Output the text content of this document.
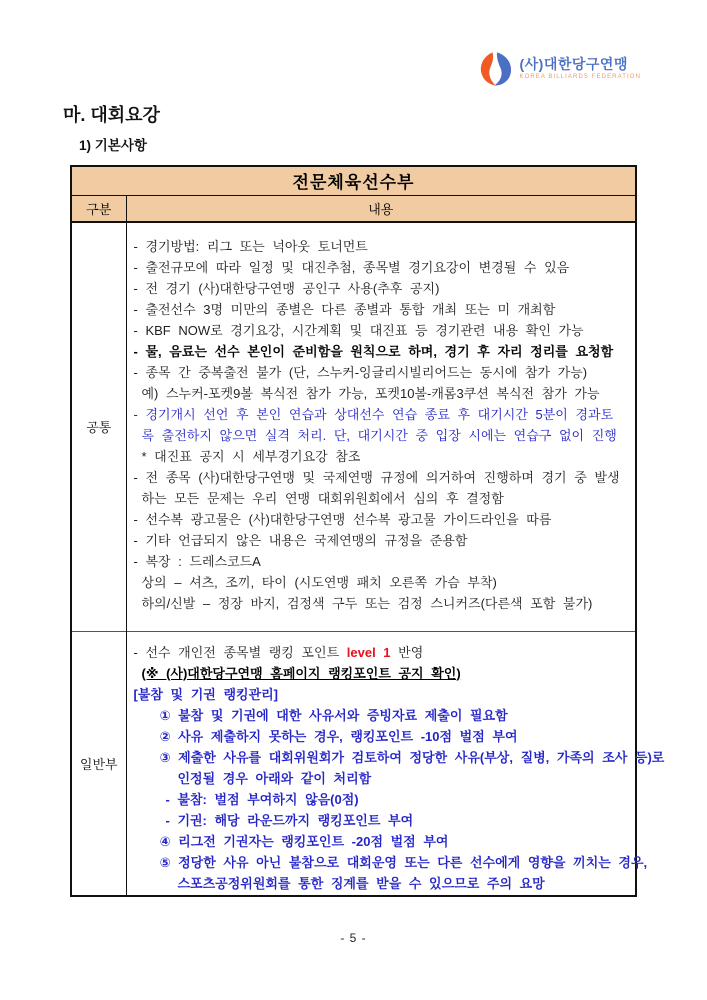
(사)대한당구연맹
KOREA BILLIARDS FEDERATION
마. 대회요강
1) 기본사항
전문체육선수부	
구분	내용
공통	
- 경기방법: 리그 또는 넉아웃 토너먼트
- 출전규모에 따라 일정 및 대진추첨, 종목별 경기요강이 변경될 수 있음
- 전 경기 (사)대한당구연맹 공인구 사용(추후 공지)
- 출전선수 3명 미만의 종별은 다른 종별과 통합 개최 또는 미 개최함
- KBF NOW로 경기요강, 시간계획 및 대진표 등 경기관련 내용 확인 가능
- 물, 음료는 선수 본인이 준비함을 원칙으로 하며, 경기 후 자리 정리를 요청함
- 종목 간 중복출전 불가 (단, 스누커-잉글리시빌리어드는 동시에 참가 가능)
예) 스누커-포켓9볼 복식전 참가 가능, 포켓10볼-캐롬3쿠션 복식전 참가 가능
- 경기개시 선언 후 본인 연습과 상대선수 연습 종료 후 대기시간 5분이 경과토
록 출전하지 않으면 실격 처리. 단, 대기시간 중 입장 시에는 연습구 없이 진행
* 대진표 공지 시 세부경기요강 참조
- 전 종목 (사)대한당구연맹 및 국제연맹 규정에 의거하여 진행하며 경기 중 발생
하는 모든 문제는 우리 연맹 대회위원회에서 심의 후 결정함
- 선수복 광고물은 (사)대한당구연맹 선수복 광고물 가이드라인을 따름
- 기타 언급되지 않은 내용은 국제연맹의 규정을 준용함
- 복장 : 드레스코드A
상의 – 셔츠, 조끼, 타이 (시도연맹 패치 오른쪽 가슴 부착)
하의/신발 – 정장 바지, 검정색 구두 또는 검정 스니커즈(다른색 포함 불가)

일반부	
- 선수 개인전 종목별 랭킹 포인트 level 1 반영
(※ (사)대한당구연맹 홈페이지 랭킹포인트 공지 확인)
[불참 및 기권 랭킹관리]
① 불참 및 기권에 대한 사유서와 증빙자료 제출이 필요함
② 사유 제출하지 못하는 경우, 랭킹포인트 -10점 벌점 부여
③ 제출한 사유를 대회위원회가 검토하여 정당한 사유(부상, 질병, 가족의 조사 등)로
인정될 경우 아래와 같이 처리함
- 불참: 벌점 부여하지 않음(0점)
- 기권: 해당 라운드까지 랭킹포인트 부여
④ 리그전 기권자는 랭킹포인트 -20점 벌점 부여
⑤ 정당한 사유 아닌 불참으로 대회운영 또는 다른 선수에게 영향을 끼치는 경우,
스포츠공정위원회를 통한 징계를 받을 수 있으므로 주의 요망
- 5 -
